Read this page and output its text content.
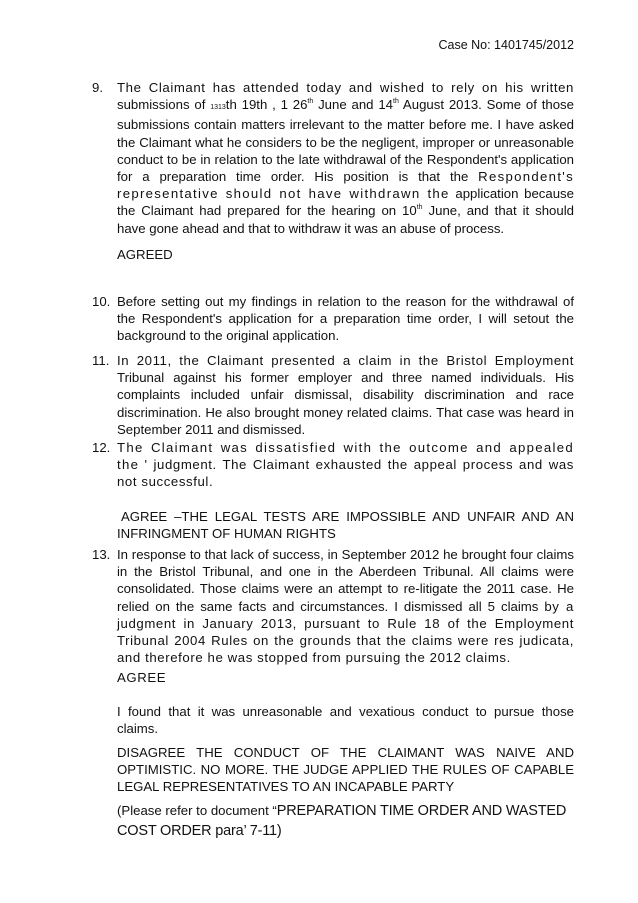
Case No: 1401745/2012
9. The Claimant has attended today and wished to rely on his written submissions of 1313th 19th , 1 26th June and 14th August 2013. Some of those submissions contain matters irrelevant to the matter before me. I have asked the Claimant what he considers to be the negligent, improper or unreasonable conduct to be in relation to the late withdrawal of the Respondent's application for a preparation time order. His position is that the Respondent's representative should not have withdrawn the application because the Claimant had prepared for the hearing on 10th June, and that it should have gone ahead and that to withdraw it was an abuse of process.

AGREED
10. Before setting out my findings in relation to the reason for the withdrawal of the Respondent's application for a preparation time order, I will setout the background to the original application.
11. In 2011, the Claimant presented a claim in the Bristol Employment Tribunal against his former employer and three named individuals. His complaints included unfair dismissal, disability discrimination and race discrimination. He also brought money related claims. That case was heard in September 2011 and dismissed.
12. The Claimant was dissatisfied with the outcome and appealed the ' judgment. The Claimant exhausted the appeal process and was not successful.
AGREE –THE LEGAL TESTS ARE IMPOSSIBLE AND UNFAIR AND AN INFRINGMENT OF HUMAN RIGHTS
13. In response to that lack of success, in September 2012 he brought four claims in the Bristol Tribunal, and one in the Aberdeen Tribunal. All claims were consolidated. Those claims were an attempt to re-litigate the 2011 case. He relied on the same facts and circumstances. I dismissed all 5 claims by a judgment in January 2013, pursuant to Rule 18 of the Employment Tribunal 2004 Rules on the grounds that the claims were res judicata, and therefore he was stopped from pursuing the 2012 claims.
AGREE
I found that it was unreasonable and vexatious conduct to pursue those claims.
DISAGREE THE CONDUCT OF THE CLAIMANT WAS NAIVE AND OPTIMISTIC. NO MORE. THE JUDGE APPLIED THE RULES OF CAPABLE LEGAL REPRESENTATIVES TO AN INCAPABLE PARTY
(Please refer to document “PREPARATION TIME ORDER AND WASTED COST ORDER para’ 7-11)
